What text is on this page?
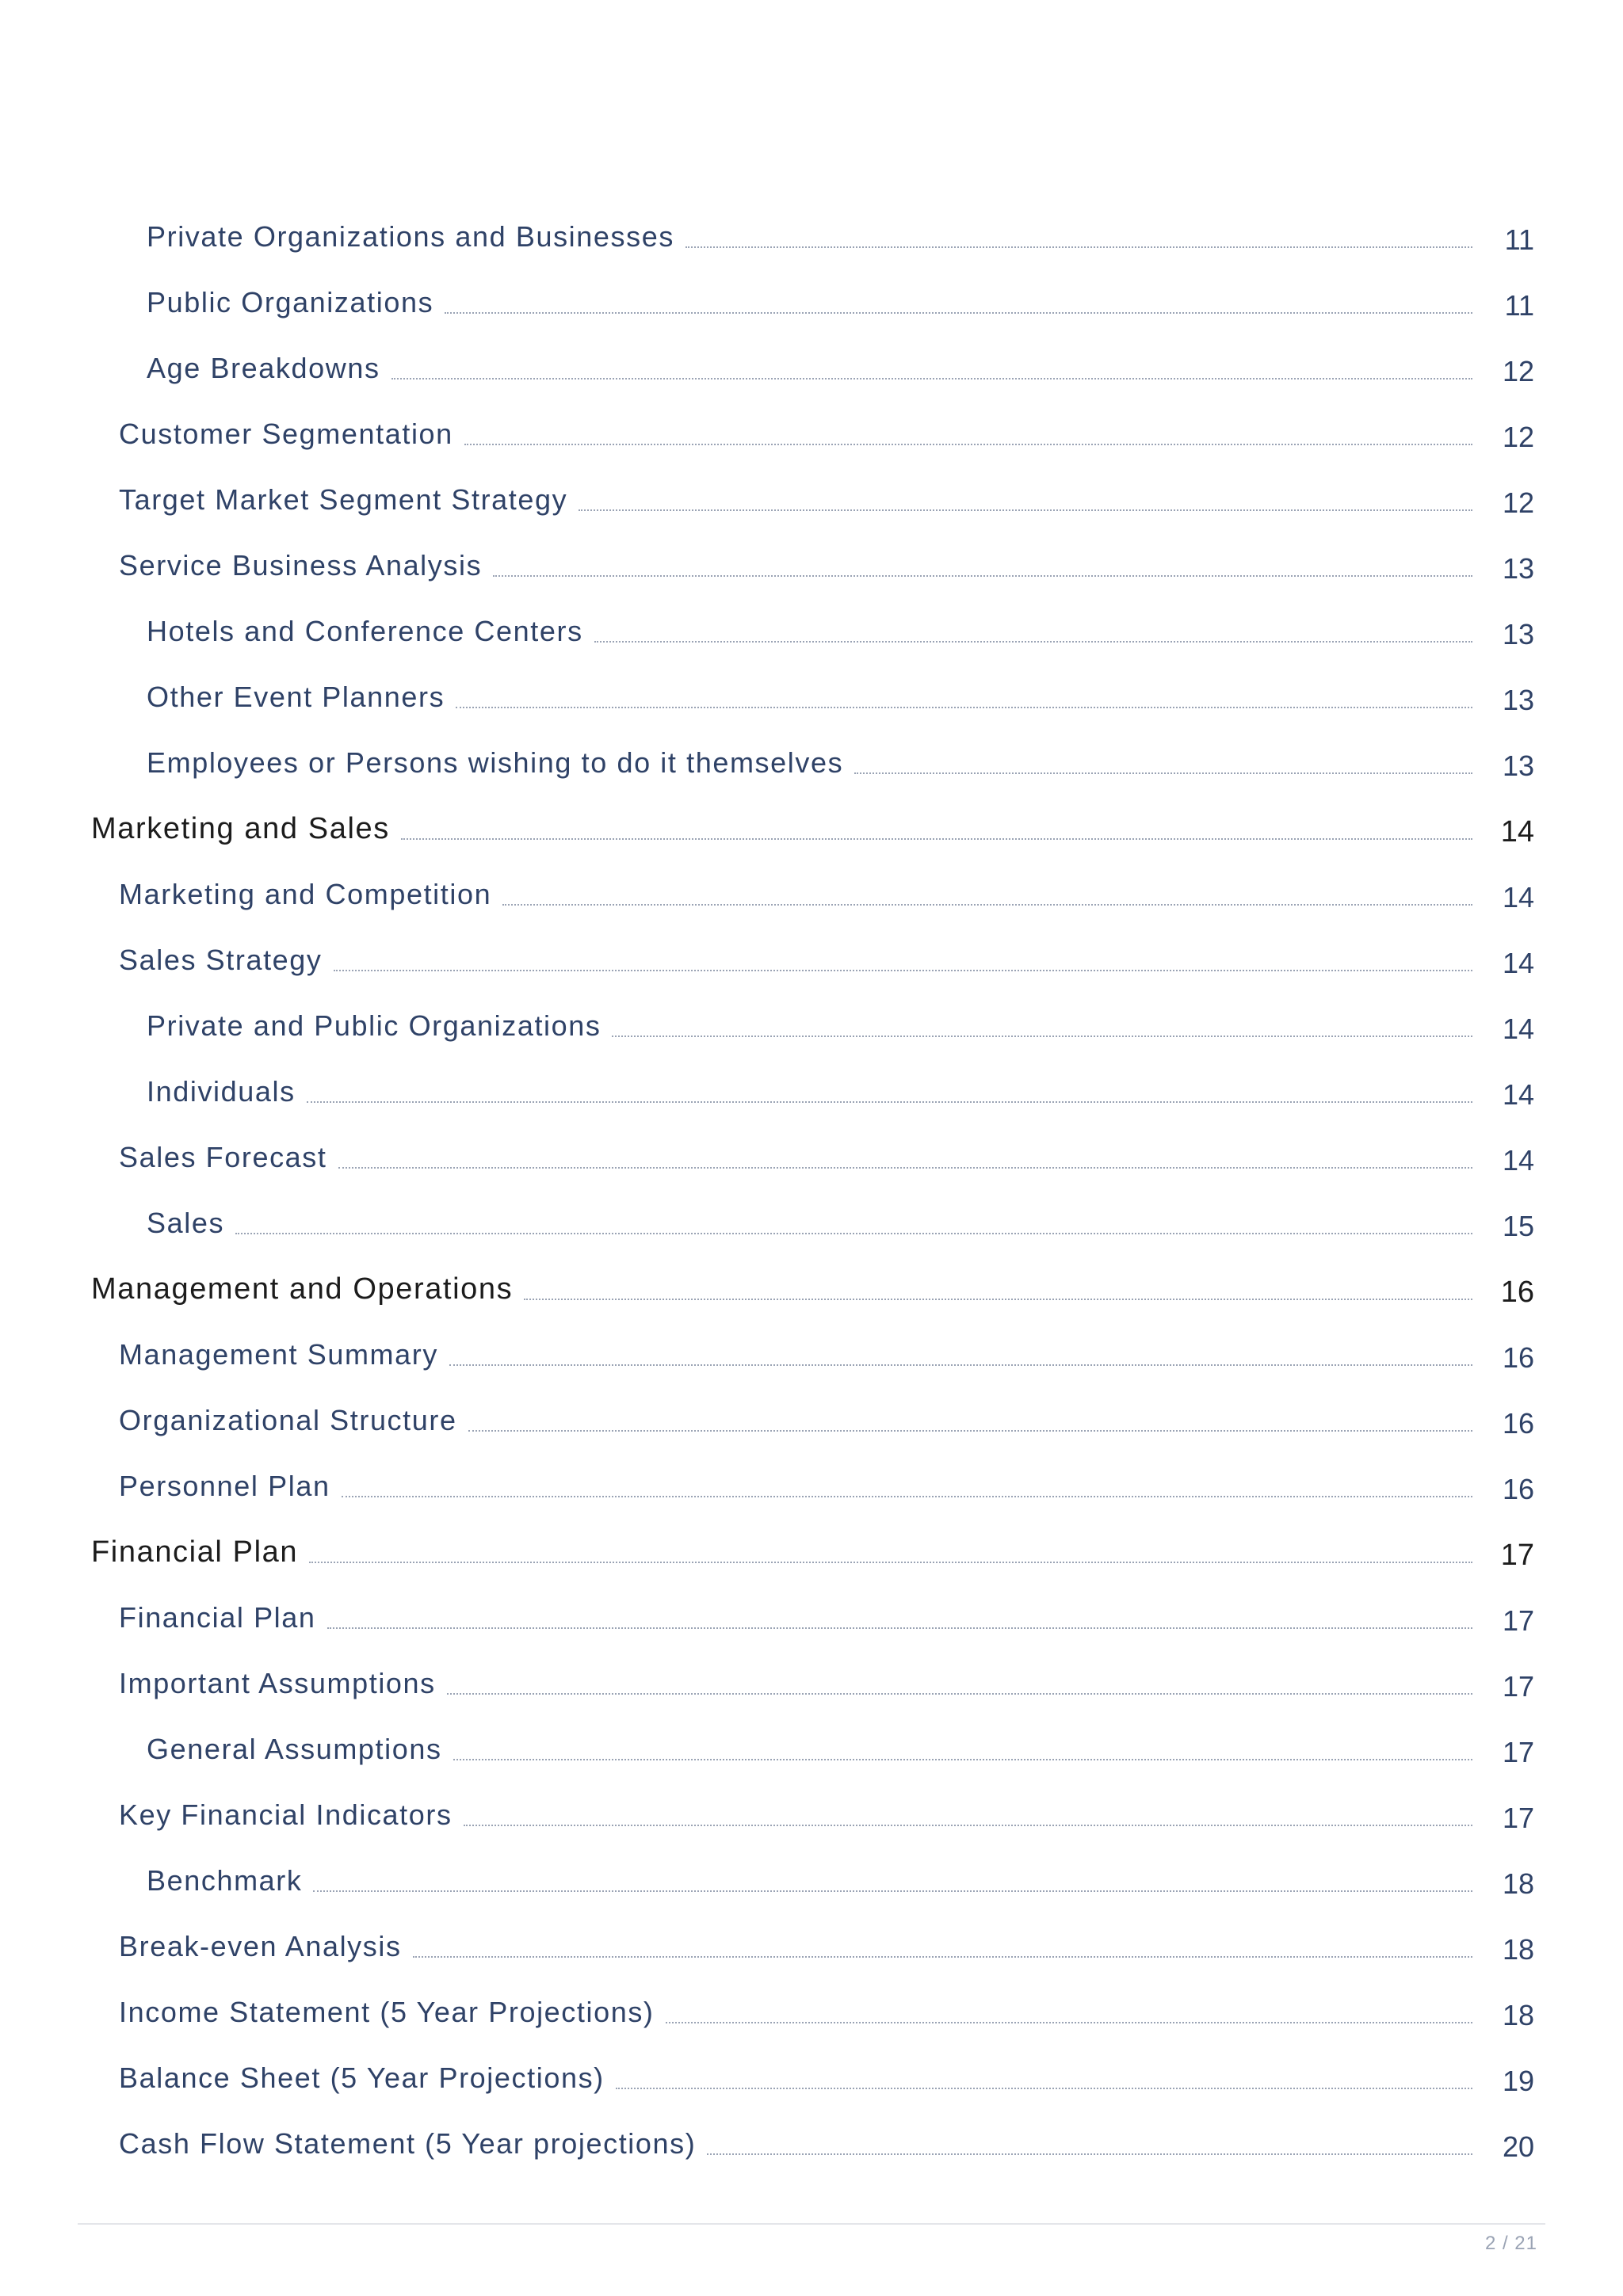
Private Organizations and Businesses	11
Public Organizations	11
Age Breakdowns	12
Customer Segmentation	12
Target Market Segment Strategy	12
Service Business Analysis	13
Hotels and Conference Centers	13
Other Event Planners	13
Employees or Persons wishing to do it themselves	13
Marketing and Sales	14
Marketing and Competition	14
Sales Strategy	14
Private and Public Organizations	14
Individuals	14
Sales Forecast	14
Sales	15
Management and Operations	16
Management Summary	16
Organizational Structure	16
Personnel Plan	16
Financial Plan	17
Financial Plan	17
Important Assumptions	17
General Assumptions	17
Key Financial Indicators	17
Benchmark	18
Break-even Analysis	18
Income Statement (5 Year Projections)	18
Balance Sheet (5 Year Projections)	19
Cash Flow Statement (5 Year projections)	20
2 / 21
